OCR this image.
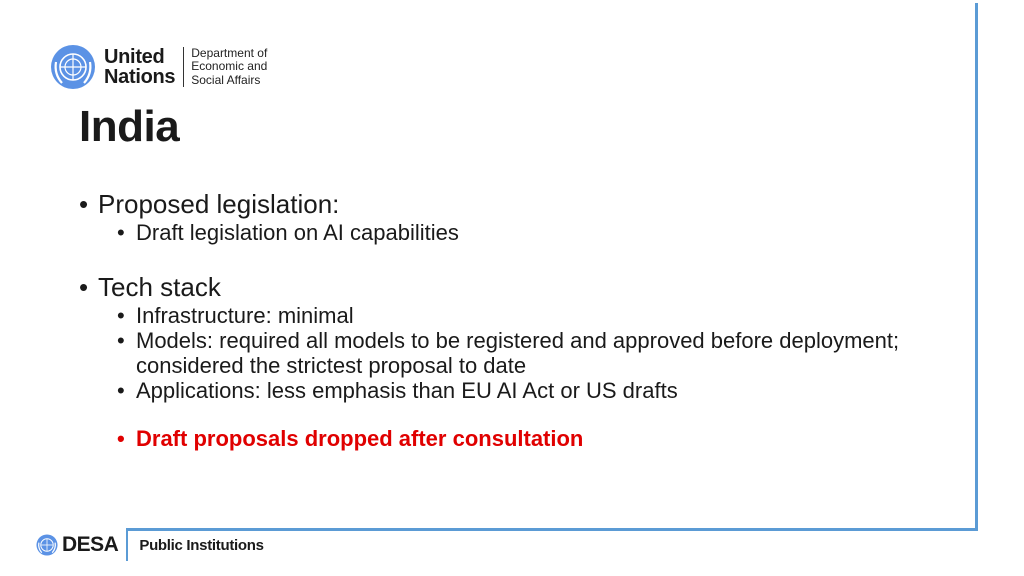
United
Nations
Department of
Economic and
Social Affairs
India
• Proposed legislation:
• Draft legislation on AI capabilities
• Tech stack
• Infrastructure: minimal
• Models: required all models to be registered and approved before deployment; considered the strictest proposal to date
• Applications: less emphasis than EU AI Act or US drafts
• Draft proposals dropped after consultation
DESA Public Institutions
